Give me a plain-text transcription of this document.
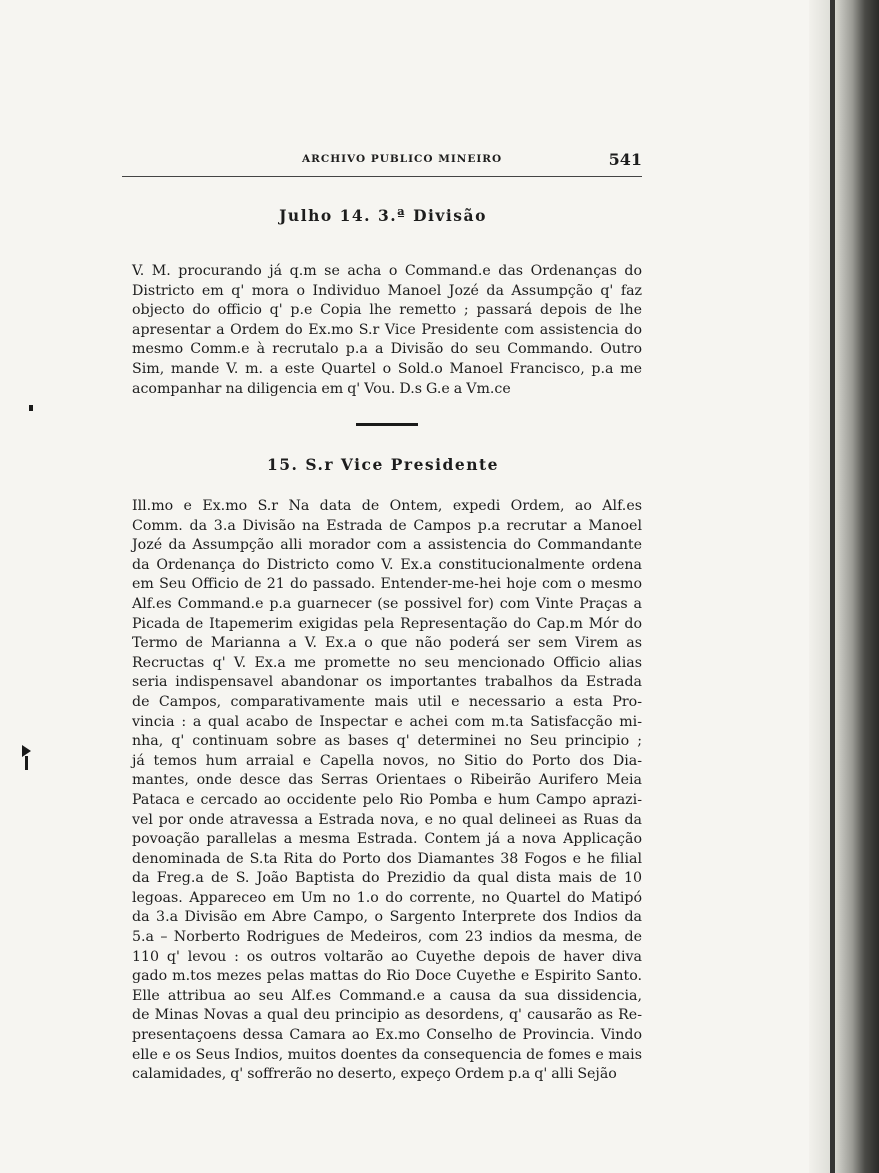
ARCHIVO PUBLICO MINEIRO	541
Julho 14. 3.ª Divisão
V. M. procurando já q.m se acha o Command.e das Ordenanças do
Districto em q' mora o Individuo Manoel Jozé da Assumpção q' faz
objecto do officio q' p.e Copia lhe remetto ; passará depois de lhe
apresentar a Ordem do Ex.mo S.r Vice Presidente com assistencia do
mesmo Comm.e à recrutalo p.a a Divisão do seu Commando. Outro
Sim, mande V. m. a este Quartel o Sold.o Manoel Francisco, p.a me
acompanhar na diligencia em q' Vou. D.s G.e a Vm.ce
15. S.r Vice Presidente
Ill.mo e Ex.mo S.r Na data de Ontem, expedi Ordem, ao Alf.es
Comm. da 3.a Divisão na Estrada de Campos p.a recrutar a Manoel
Jozé da Assumpção alli morador com a assistencia do Commandante
da Ordenança do Districto como V. Ex.a constitucionalmente ordena
em Seu Officio de 21 do passado. Entender-me-hei hoje com o mesmo
Alf.es Command.e p.a guarnecer (se possivel for) com Vinte Praças a
Picada de Itapemerim exigidas pela Representação do Cap.m Mór do
Termo de Marianna a V. Ex.a o que não poderá ser sem Virem as
Recructas q' V. Ex.a me promette no seu mencionado Officio alias
seria indispensavel abandonar os importantes trabalhos da Estrada
de Campos, comparativamente mais util e necessario a esta Pro-
vincia : a qual acabo de Inspectar e achei com m.ta Satisfacção mi-
nha, q' continuam sobre as bases q' determinei no Seu principio ;
já temos hum arraial e Capella novos, no Sitio do Porto dos Dia-
mantes, onde desce das Serras Orientaes o Ribeirão Aurifero Meia
Pataca e cercado ao occidente pelo Rio Pomba e hum Campo aprazi-
vel por onde atravessa a Estrada nova, e no qual delineei as Ruas da
povoação parallelas a mesma Estrada. Contem já a nova Applicação
denominada de S.ta Rita do Porto dos Diamantes 38 Fogos e he filial
da Freg.a de S. João Baptista do Prezidio da qual dista mais de 10
legoas. Appareceo em Um no 1.o do corrente, no Quartel do Matipó
da 3.a Divisão em Abre Campo, o Sargento Interprete dos Indios da
5.a – Norberto Rodrigues de Medeiros, com 23 indios da mesma, de
110 q' levou : os outros voltarão ao Cuyethe depois de haver diva
gado m.tos mezes pelas mattas do Rio Doce Cuyethe e Espirito Santo.
Elle attribua ao seu Alf.es Command.e a causa da sua dissidencia,
de Minas Novas a qual deu principio as desordens, q' causarão as Re-
presentaçoens dessa Camara ao Ex.mo Conselho de Provincia. Vindo
elle e os Seus Indios, muitos doentes da consequencia de fomes e mais
calamidades, q' soffrerão no deserto, expeço Ordem p.a q' alli Sejão
